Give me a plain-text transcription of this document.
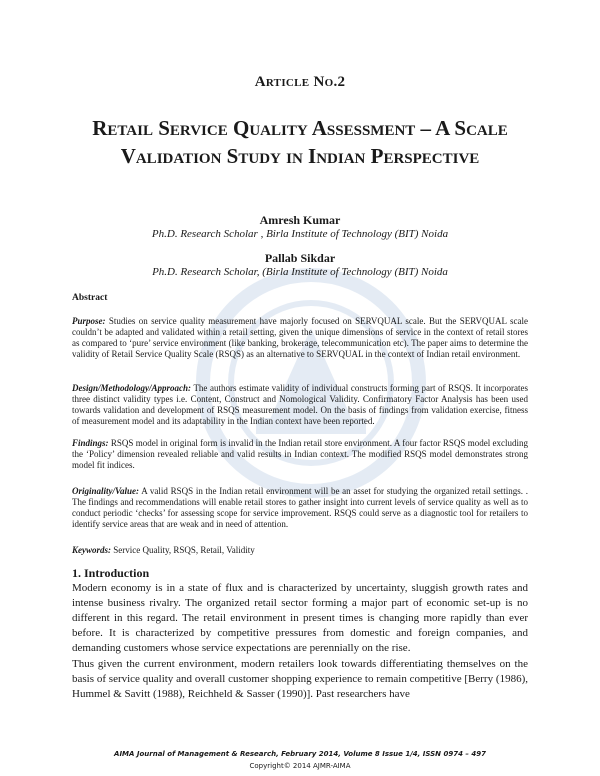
Article No.2
Retail Service Quality Assessment – A Scale Validation Study in Indian Perspective
Amresh Kumar
Ph.D. Research Scholar , Birla Institute of Technology (BIT) Noida
Pallab Sikdar
Ph.D. Research Scholar, (Birla Institute of Technology (BIT) Noida
Abstract
Purpose: Studies on service quality measurement have majorly focused on SERVQUAL scale. But the SERVQUAL scale couldn’t be adapted and validated within a retail setting, given the unique dimensions of service in the context of retail stores as compared to ‘pure’ service environment (like banking, brokerage, telecommunication etc). The paper aims to determine the validity of Retail Service Quality Scale (RSQS) as an alternative to SERVQUAL in the context of Indian retail environment.
Design/Methodology/Approach: The authors estimate validity of individual constructs forming part of RSQS. It incorporates three distinct validity types i.e. Content, Construct and Nomological Validity. Confirmatory Factor Analysis has been used towards validation and development of RSQS measurement model. On the basis of findings from validation exercise, fitness of measurement model and its adaptability in the Indian context have been reported.
Findings: RSQS model in original form is invalid in the Indian retail store environment. A four factor RSQS model excluding the ‘Policy’ dimension revealed reliable and valid results in Indian context. The modified RSQS model demonstrates strong model fit indices.
Originality/Value: A valid RSQS in the Indian retail environment will be an asset for studying the organized retail settings. . The findings and recommendations will enable retail stores to gather insight into current levels of service quality as well as to conduct periodic ‘checks’ for assessing scope for service improvement. RSQS could serve as a diagnostic tool for retailers to identify service areas that are weak and in need of attention.
Keywords: Service Quality, RSQS, Retail, Validity
1. Introduction
Modern economy is in a state of flux and is characterized by uncertainty, sluggish growth rates and intense business rivalry. The organized retail sector forming a major part of economic set-up is no different in this regard. The retail environment in present times is changing more rapidly than ever before. It is characterized by competitive pressures from domestic and foreign companies, and demanding customers whose service expectations are perennially on the rise.
Thus given the current environment, modern retailers look towards differentiating themselves on the basis of service quality and overall customer shopping experience to remain competitive [Berry (1986), Hummel & Savitt (1988), Reichheld & Sasser (1990)]. Past researchers have
AIMA Journal of Management & Research, February 2014, Volume 8 Issue 1/4, ISSN 0974 – 497
Copyright© 2014 AJMR-AIMA
